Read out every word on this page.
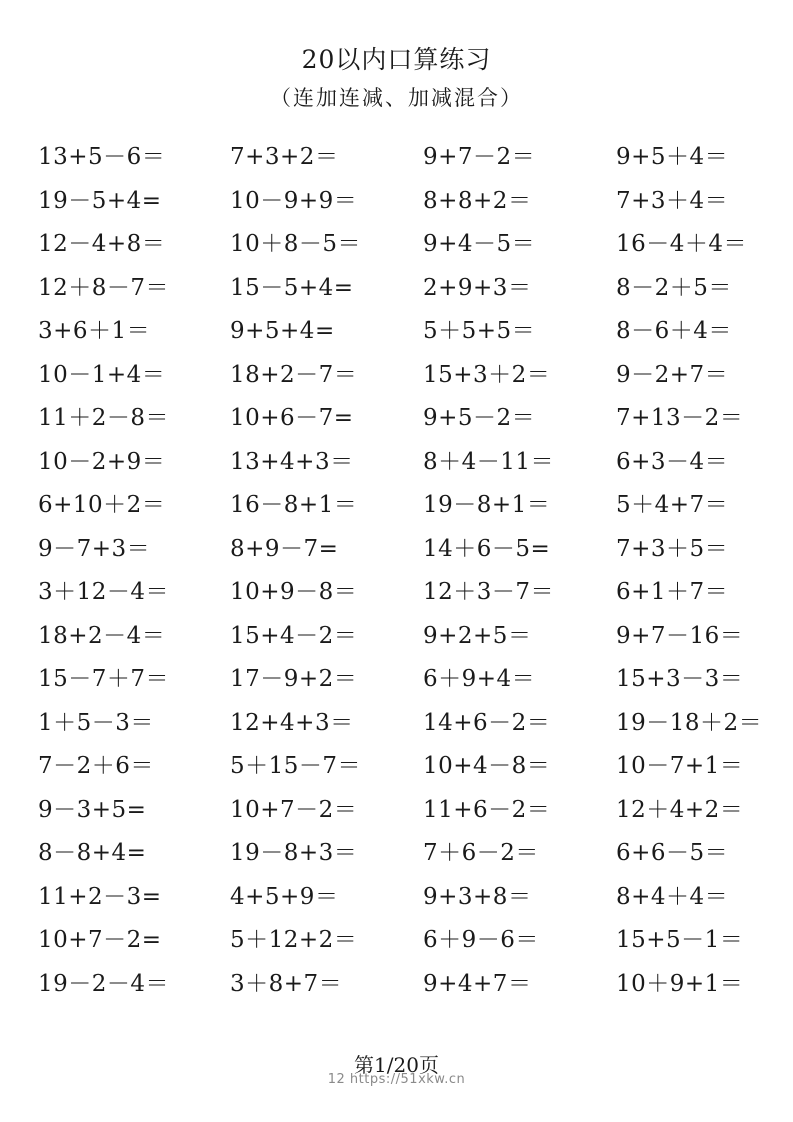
20以内口算练习
（连加连减、加减混合）
13+5－6＝	7+3+2＝	9+7－2＝	9+5＋4＝
19－5+4=	10－9+9＝	8+8+2＝	7+3＋4＝
12－4+8＝	10＋8－5＝	9+4－5＝	16－4＋4＝
12＋8－7＝	15－5+4=	2+9+3＝	8－2＋5＝
3+6＋1＝	9+5+4=	5＋5+5＝	8－6＋4＝
10－1+4＝	18+2－7＝	15+3＋2＝	9－2+7＝
11＋2－8＝	10+6－7=	9+5－2＝	7+13－2＝
10－2+9＝	13+4+3＝	8＋4－11＝	6+3－4＝
6+10＋2＝	16－8+1＝	19－8+1＝	5＋4+7＝
9－7+3＝	8+9－7=	14＋6－5=	7+3＋5＝
3＋12－4＝	10+9－8＝	12＋3－7＝	6+1＋7＝
18+2－4＝	15+4－2＝	9+2+5＝	9+7－16＝
15－7＋7＝	17－9+2＝	6＋9+4＝	15+3－3＝
1＋5－3＝	12+4+3＝	14+6－2＝	19－18＋2＝
7－2＋6＝	5＋15－7＝	10+4－8＝	10－7+1＝
9－3+5=	10+7－2＝	11+6－2＝	12＋4+2＝
8－8+4=	19－8+3＝	7＋6－2＝	6+6－5＝
11+2－3=	4+5+9＝	9+3+8＝	8+4＋4＝
10+7－2=	5＋12+2＝	6＋9－6＝	15+5－1＝
19－2－4＝	3＋8+7＝	9+4+7＝	10＋9+1＝
第1/20页
12 https://51xkw.cn
